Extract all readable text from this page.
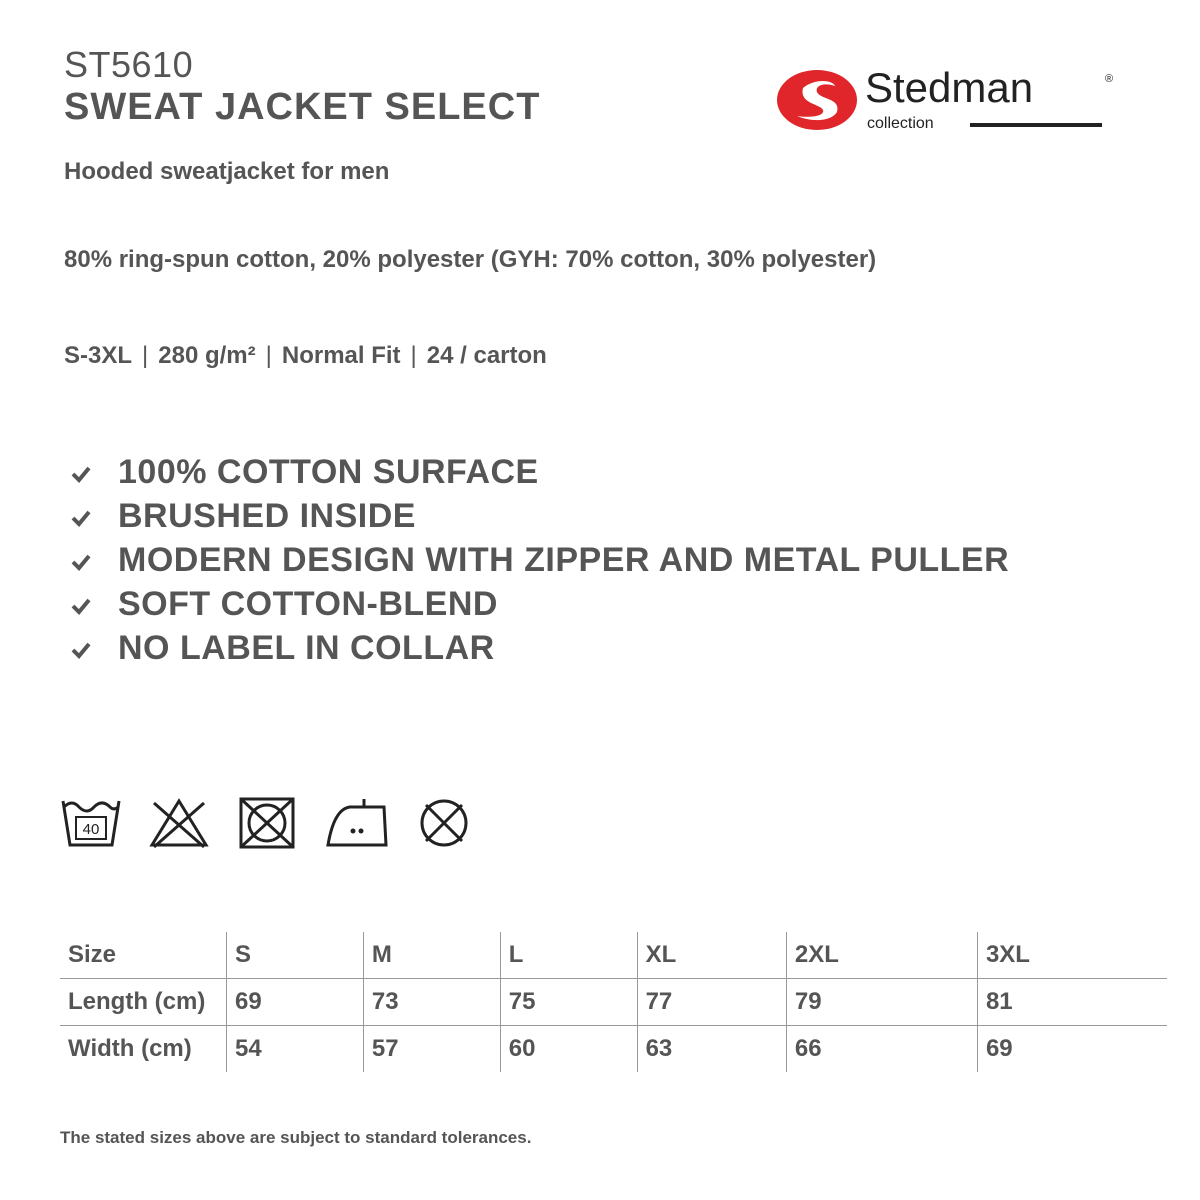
ST5610
SWEAT JACKET SELECT	Stedman	®
collection
Hooded sweatjacket for men
80% ring-spun cotton, 20% polyester (GYH: 70% cotton, 30% polyester)
S-3XL | 280 g/m² | Normal Fit | 24 / carton
100% COTTON SURFACE
BRUSHED INSIDE
MODERN DESIGN WITH ZIPPER AND METAL PULLER
SOFT COTTON-BLEND
NO LABEL IN COLLAR
40
Size	S	M	L	XL	2XL	3XL
Length (cm)	69	73	75	77	79	81
Width (cm)	54	57	60	63	66	69
The stated sizes above are subject to standard tolerances.
